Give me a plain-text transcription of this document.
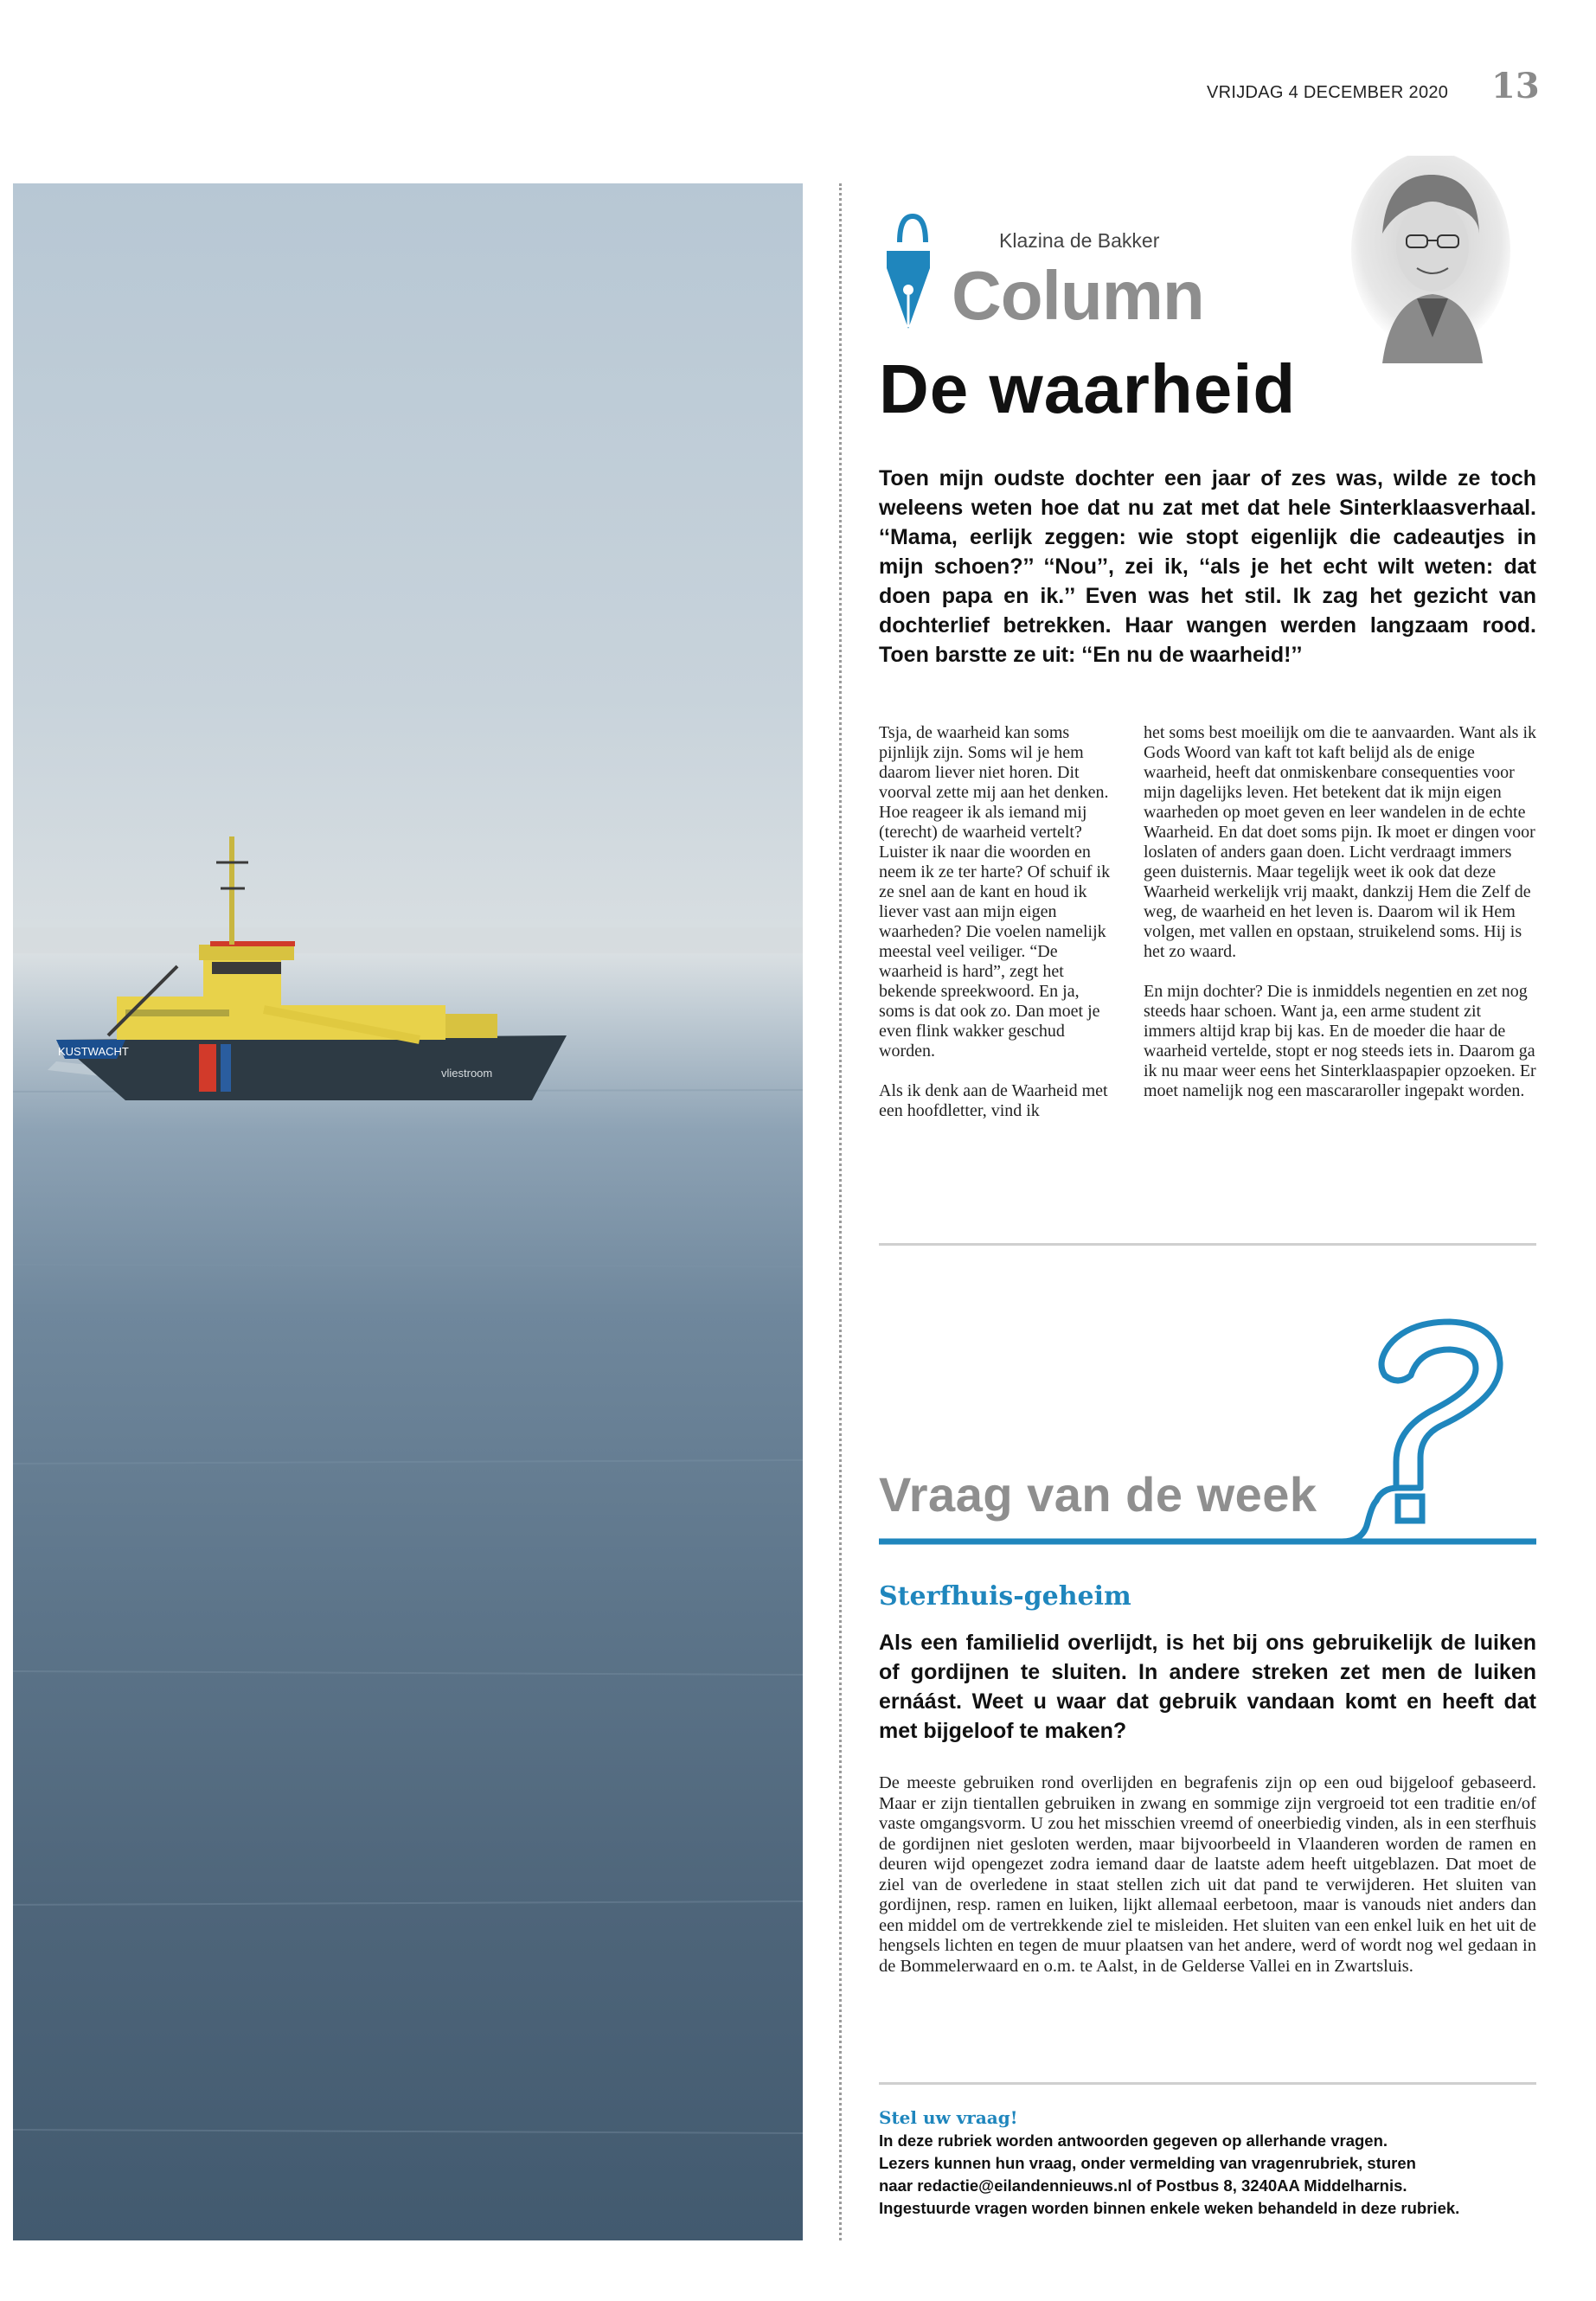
VRIJDAG 4 DECEMBER 2020 13
KUSTWACHT
vliestroom
Klazina de Bakker
Column
De waarheid

Toen mijn oudste dochter een jaar of zes was, wilde ze toch weleens weten hoe dat nu zat met dat hele Sinterklaasverhaal. ‘‘Mama, eerlijk zeggen: wie stopt eigenlijk die cadeautjes in mijn schoen?’’ ‘‘Nou’’, zei ik, ‘‘als je het echt wilt weten: dat doen papa en ik.’’ Even was het stil. Ik zag het gezicht van dochterlief betrekken. Haar wangen werden langzaam rood. Toen barstte ze uit: ‘‘En nu de waarheid!’’

Tsja, de waarheid kan soms pijnlijk zijn. Soms wil je hem daarom liever niet horen. Dit voorval zette mij aan het denken. Hoe reageer ik als iemand mij (terecht) de waarheid vertelt? Luister ik naar die woorden en neem ik ze ter harte? Of schuif ik ze snel aan de kant en houd ik liever vast aan mijn eigen waarheden? Die voelen namelijk meestal veel veiliger. “De waarheid is hard”, zegt het bekende spreekwoord. En ja, soms is dat ook zo. Dan moet je even flink wakker geschud worden.

Als ik denk aan de Waarheid met een hoofdletter, vind ik

het soms best moeilijk om die te aanvaarden. Want als ik Gods Woord van kaft tot kaft belijd als de enige waarheid, heeft dat onmiskenbare consequenties voor mijn dagelijks leven. Het betekent dat ik mijn eigen waarheden op moet geven en leer wandelen in de echte Waarheid. En dat doet soms pijn. Ik moet er dingen voor loslaten of anders gaan doen. Licht verdraagt immers geen duisternis. Maar tegelijk weet ik ook dat deze Waarheid werkelijk vrij maakt, dankzij Hem die Zelf de weg, de waarheid en het leven is. Daarom wil ik Hem volgen, met vallen en opstaan, struikelend soms. Hij is het zo waard.

En mijn dochter? Die is inmiddels negentien en zet nog steeds haar schoen. Want ja, een arme student zit immers altijd krap bij kas. En de moeder die haar de waarheid vertelde, stopt er nog steeds iets in. Daarom ga ik nu maar weer eens het Sinterklaaspapier opzoeken. Er moet namelijk nog een mascararoller ingepakt worden.

Vraag van de week
Sterfhuis-geheim

Als een familielid overlijdt, is het bij ons gebruikelijk de luiken of gordijnen te sluiten. In andere streken zet men de luiken ernáást. Weet u waar dat gebruik vandaan komt en heeft dat met bijgeloof te maken?

De meeste gebruiken rond overlijden en begrafenis zijn op een oud bijgeloof gebaseerd. Maar er zijn tientallen gebruiken in zwang en sommige zijn vergroeid tot een traditie en/of vaste omgangsvorm. U zou het misschien vreemd of oneerbiedig vinden, als in een sterfhuis de gordijnen niet gesloten werden, maar bijvoorbeeld in Vlaanderen worden de ramen en deuren wijd opengezet zodra iemand daar de laatste adem heeft uitgeblazen. Dat moet de ziel van de overledene in staat stellen zich uit dat pand te verwijderen. Het sluiten van gordijnen, resp. ramen en luiken, lijkt allemaal eerbetoon, maar is vanouds niet anders dan een middel om de vertrekkende ziel te misleiden. Het sluiten van een enkel luik en het uit de hengsels lichten en tegen de muur plaatsen van het andere, werd of wordt nog wel gedaan in de Bommelerwaard en o.m. te Aalst, in de Gelderse Vallei en in Zwartsluis.

Stel uw vraag!
In deze rubriek worden antwoorden gegeven op allerhande vragen.
Lezers kunnen hun vraag, onder vermelding van vragenrubriek, sturen
naar redactie@eilandennieuws.nl of Postbus 8, 3240AA Middelharnis.
Ingestuurde vragen worden binnen enkele weken behandeld in deze rubriek.
